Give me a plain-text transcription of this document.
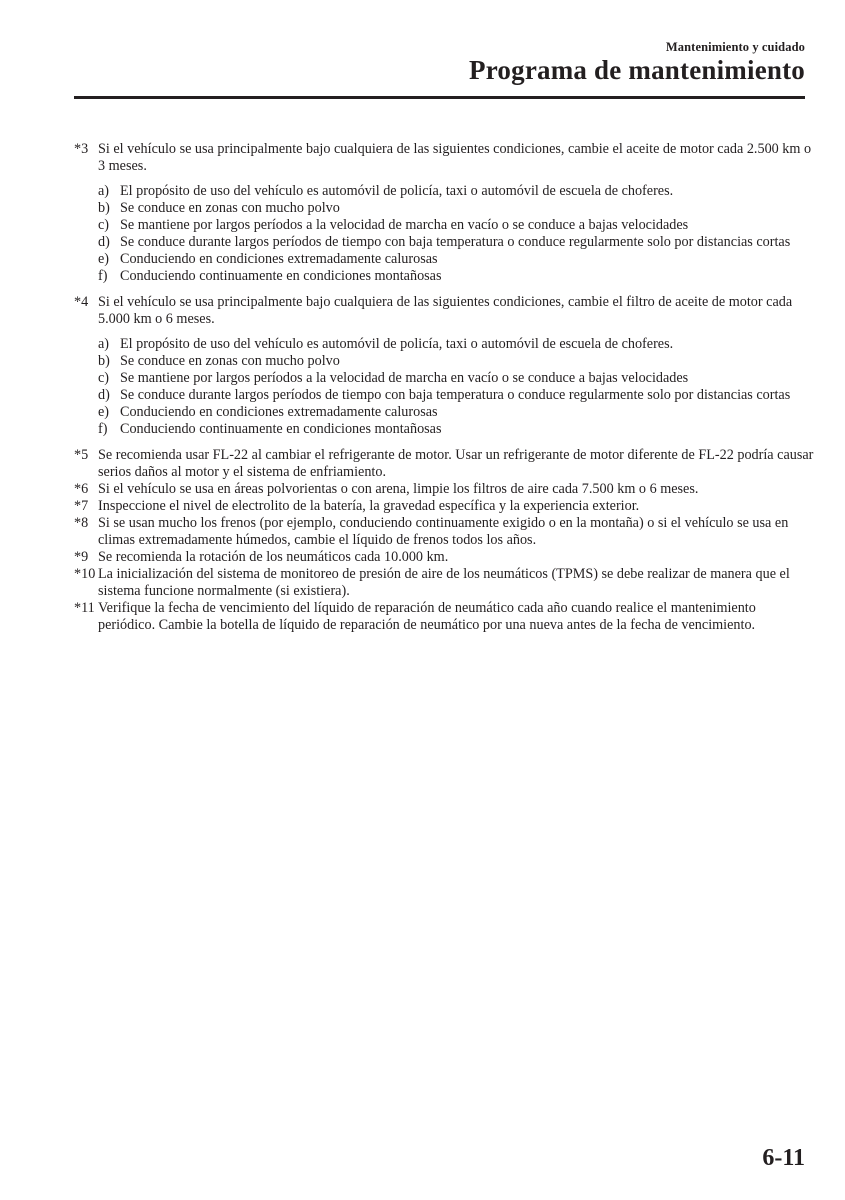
Mantenimiento y cuidado
Programa de mantenimiento
*3 Si el vehículo se usa principalmente bajo cualquiera de las siguientes condiciones, cambie el aceite de motor cada 2.500 km o 3 meses.
a) El propósito de uso del vehículo es automóvil de policía, taxi o automóvil de escuela de choferes.
b) Se conduce en zonas con mucho polvo
c) Se mantiene por largos períodos a la velocidad de marcha en vacío o se conduce a bajas velocidades
d) Se conduce durante largos períodos de tiempo con baja temperatura o conduce regularmente solo por distancias cortas
e) Conduciendo en condiciones extremadamente calurosas
f) Conduciendo continuamente en condiciones montañosas
*4 Si el vehículo se usa principalmente bajo cualquiera de las siguientes condiciones, cambie el filtro de aceite de motor cada 5.000 km o 6 meses.
a) El propósito de uso del vehículo es automóvil de policía, taxi o automóvil de escuela de choferes.
b) Se conduce en zonas con mucho polvo
c) Se mantiene por largos períodos a la velocidad de marcha en vacío o se conduce a bajas velocidades
d) Se conduce durante largos períodos de tiempo con baja temperatura o conduce regularmente solo por distancias cortas
e) Conduciendo en condiciones extremadamente calurosas
f) Conduciendo continuamente en condiciones montañosas
*5 Se recomienda usar FL-22 al cambiar el refrigerante de motor. Usar un refrigerante de motor diferente de FL-22 podría causar serios daños al motor y el sistema de enfriamiento.
*6 Si el vehículo se usa en áreas polvorientas o con arena, limpie los filtros de aire cada 7.500 km o 6 meses.
*7 Inspeccione el nivel de electrolito de la batería, la gravedad específica y la experiencia exterior.
*8 Si se usan mucho los frenos (por ejemplo, conduciendo continuamente exigido o en la montaña) o si el vehículo se usa en climas extremadamente húmedos, cambie el líquido de frenos todos los años.
*9 Se recomienda la rotación de los neumáticos cada 10.000 km.
*10 La inicialización del sistema de monitoreo de presión de aire de los neumáticos (TPMS) se debe realizar de manera que el sistema funcione normalmente (si existiera).
*11 Verifique la fecha de vencimiento del líquido de reparación de neumático cada año cuando realice el mantenimiento periódico. Cambie la botella de líquido de reparación de neumático por una nueva antes de la fecha de vencimiento.
6-11
